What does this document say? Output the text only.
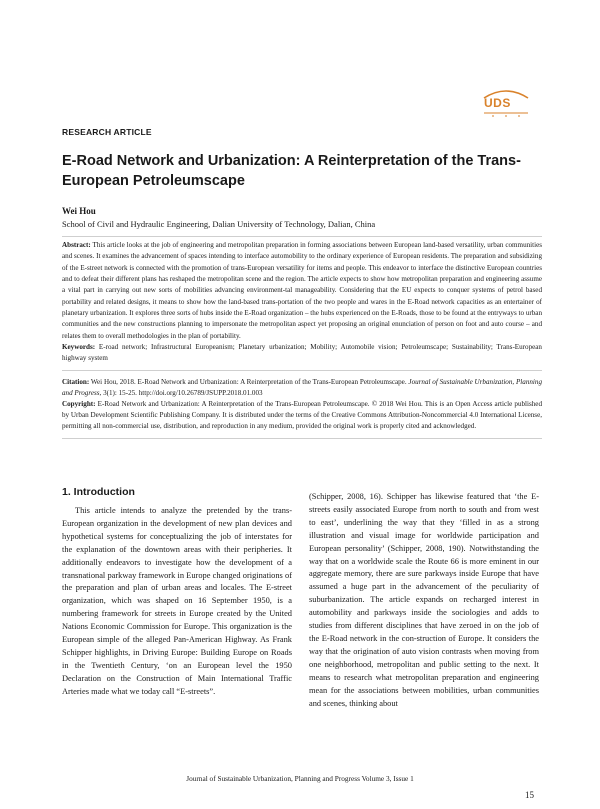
UDS
RESEARCH ARTICLE
E-Road Network and Urbanization: A Reinterpretation of the Trans-European Petroleumscape
Wei Hou
School of Civil and Hydraulic Engineering, Dalian University of Technology, Dalian, China
Abstract: This article looks at the job of engineering and metropolitan preparation in forming associations between European land-based versatility, urban communities and scenes. It examines the advancement of spaces intending to interface automobility to the ordinary experience of European residents. The preparation and subsidizing of the E-street network is connected with the promotion of trans-European versatility for items and people. This endeavor to interface the distinctive European countries and to defeat their different plans has reshaped the metropolitan scene and the region. The article expects to show how metropolitan preparation and engineering assume a vital part in carrying out new sorts of mobilities advancing environment-tal manageability. Considering that the EU expects to conquer systems of petrol based portability and related designs, it means to show how the land-based trans-portation of the two people and wares in the E-Road network capacities as an entertainer of planetary urbanization. It explores three sorts of hubs inside the E-Road organization – the hubs experienced on the E-Roads, those to be found at the entryways to urban communities and the new constructions planning to impersonate the metropolitan aspect yet proposing an original enunciation of person on foot and auto course – and relates them to overall methodologies in the plan of portability.
Keywords: E-road network; Infrastructural Europeanism; Planetary urbanization; Mobility; Automobile vision; Petroleumscape; Sustainability; Trans-European highway system
Citation: Wei Hou, 2018. E-Road Network and Urbanization: A Reinterpretation of the Trans-European Petroleumscape. Journal of Sustainable Urbanization, Planning and Progress, 3(1): 15-25. http://doi.org/10.26789/JSUPP.2018.01.003
Copyright: E-Road Network and Urbanization: A Reinterpretation of the Trans-European Petroleumscape. © 2018 Wei Hou. This is an Open Access article published by Urban Development Scientific Publishing Company. It is distributed under the terms of the Creative Commons Attribution-Noncommercial 4.0 International License, permitting all non-commercial use, distribution, and reproduction in any medium, provided the original work is properly cited and acknowledged.
1. Introduction
This article intends to analyze the pretended by the trans-European organization in the development of new plan devices and hypothetical systems for conceptualizing the job of interstates for the explanation of the downtown areas with their peripheries. It additionally endeavors to investigate how the development of a transnational parkway framework in Europe changed originations of the preparation and plan of urban areas and locales. The E-street organization, which was shaped on 16 September 1950, is a numbering framework for streets in Europe created by the United Nations Economic Commission for Europe. This organization is the European simple of the alleged Pan-American Highway. As Frank Schipper highlights, in Driving Europe: Building Europe on Roads in the Twentieth Century, ‘on an European level the 1950 Declaration on the Construction of Main International Traffic Arteries made what we today call “E-streets”.
(Schipper, 2008, 16). Schipper has likewise featured that ‘the E-streets easily associated Europe from north to south and from west to east’, underlining the way that they ‘filled in as a strong illustration and visual image for worldwide participation and European personality’ (Schipper, 2008, 190). Notwithstanding the way that on a worldwide scale the Route 66 is more eminent in our aggregate memory, there are sure parkways inside Europe that have assumed a huge part in the advancement of the peculiarity of suburbanization. The article expands on recharged interest in automobility and parkways inside the sociologies and adds to studies from different disciplines that have zeroed in on the job of the E-Road network in the con-struction of Europe. It considers the way that the origination of auto vision contrasts when moving from one neighborhood, metropolitan and public setting to the next. It means to research what metropolitan preparation and engineering mean for the associations between mobilities, urban communities and scenes, thinking about
Journal of Sustainable Urbanization, Planning and Progress Volume 3, Issue 1
15
